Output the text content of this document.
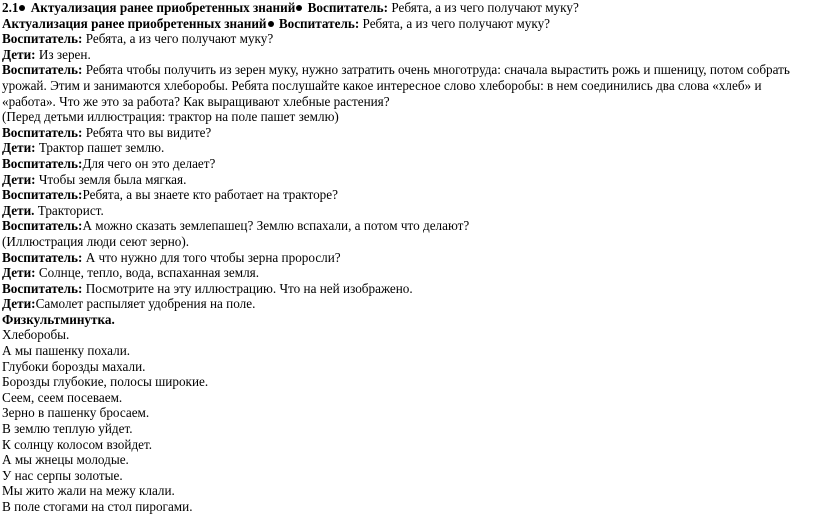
2.1 Актуализация ранее приобретенных знаний Воспитатель: Ребята, а из чего получают муку?
Актуализация ранее приобретенных знаний Воспитатель: Ребята, а из чего получают муку?
Воспитатель: Ребята, а из чего получают муку?
Дети: Из зерен.
Воспитатель: Ребята чтобы получить из зерен муку, нужно затратить очень многотруда: сначала вырастить рожь и пшеницу, потом собрать урожай. Этим и занимаются хлеборобы. Ребята послушайте какое интересное слово хлеборобы: в нем соединились два слова «хлеб» и «работа». Что же это за работа? Как выращивают хлебные растения?
(Перед детьми иллюстрация: трактор на поле пашет землю)
Воспитатель: Ребята что вы видите?
Дети: Трактор пашет землю.
Воспитатель:Для чего он это делает?
Дети: Чтобы земля была мягкая.
Воспитатель:Ребята, а вы знаете кто работает на тракторе?
Дети. Тракторист.
Воспитатель:А можно сказать землепашец? Землю вспахали, а потом что делают?
(Иллюстрация люди сеют зерно).
Воспитатель: А что нужно для того чтобы зерна проросли?
Дети: Солнце, тепло, вода, вспаханная земля.
Воспитатель: Посмотрите на эту иллюстрацию. Что на ней изображено.
Дети:Самолет распыляет удобрения на поле.
Физкультминутка.
Хлеборобы.
А мы пашенку похали.
Глубоки борозды махали.
Борозды глубокие, полосы широкие.
Сеем, сеем посеваем.
Зерно в пашенку бросаем.
В землю теплую уйдет.
К солнцу колосом взойдет.
А мы жнецы молодые.
У нас серпы золотые.
Мы жито жали на межу клали.
В поле стогами на стол пирогами.
